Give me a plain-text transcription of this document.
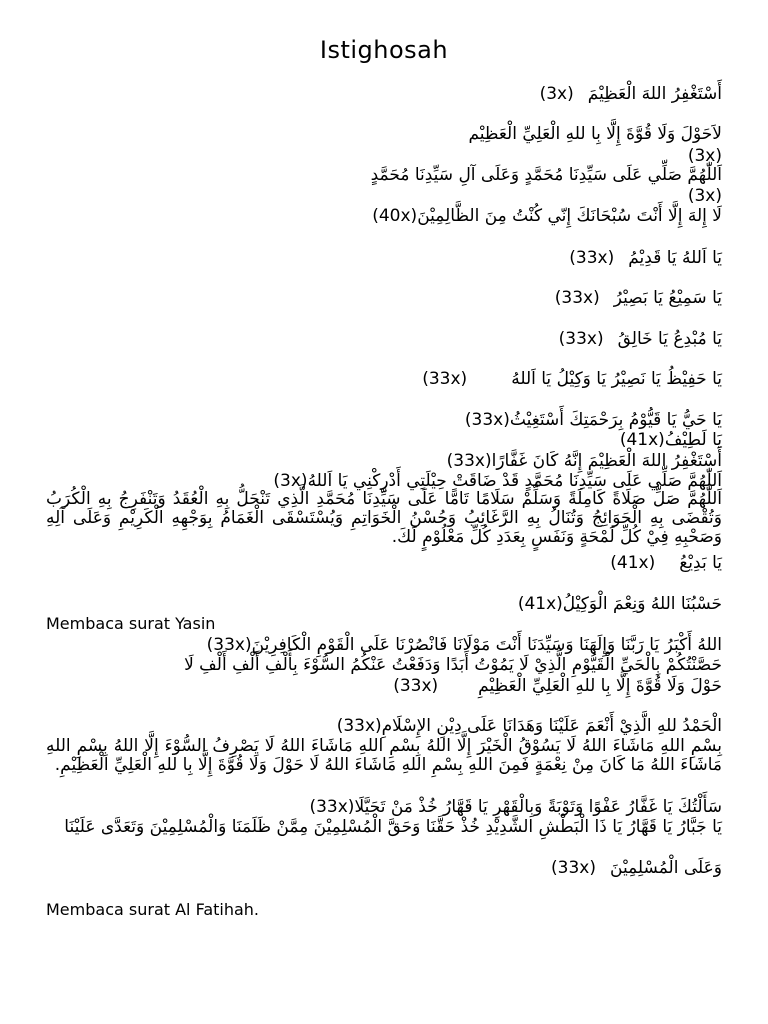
Istighosah
أَسْتَغْفِرُ اللهَ الْعَظِيْمَ(3x)
لاَحَوْلَ وَلَا قُوَّةَ إِلَّا بِا للهِ الْعَلِيِّ الْعَظِيْم
(3x)
اَللّٰهُمَّ صَلِّي عَلَى سَيِّدِنَا مُحَمَّدٍ وَعَلَى آلِ سَيِّدِنَا مُحَمَّدٍ
(3x)
لَا إِلهَ إِلَّا أَنْتَ سُبْحَانَكَ إِنّي كُنْتُ مِنَ الظَّالِمِيْنَ(40x)
يَا اَللهُ يَا قَدِيْمُ(33x)
يَا سَمِيْعُ يَا بَصِيْرُ(33x)
يَا مُبْدِعُ يَا خَالِقُ(33x)
يَا حَفِيْظُ يَا نَصِيْرُ يَا وَكِيْلُ يَا اَللهُ(33x)
يَا حَيُّ يَا قَيُّوْمُ بِرَحْمَتِكَ أَسْتَغِيْثُ(33x)
يَا لَطِيْفُ(41x)
أَسْتَغْفِرُ اللهَ الْعَظِيْمَ إِنَّهُ كَانَ غَفَّارًا(33x)
اَللّٰهُمَّ صَلِّي عَلَى سَيِّدِنَا مُحَمَّدٍ قَدْ ضَاقَتْ حِيْلَتِي أَدْرِكْنِي يَا اَللهُ(3x)
اَللّٰهُمَّ صَلِّ صَلَاةً كَامِلَةً وَسَلِّمْ سَلَامًا تَامًّا عَلَى سَيِّدِنَا مُحَمَّدِ الَّذِي تَنْحَلُّ بِهِ الْعُقَدُ وَتَنْفَرِجُ بِهِ الْكُرَبُ وَتُقْضَى بِهِ الْحَوَائِجُ وَتُنَالُ بِهِ الرَّغَائِبُ وَحُسْنُ الْخَوَاتِمِ وَيُسْتَسْقَى الْغَمَامُ بِوَجْهِهِ الْكَرِيْمِ وَعَلَى آلِهِ وَصَحْبِهِ فِيْ كُلِّ لَمْحَةٍ وَنَفَسٍ بِعَدَدِ كُلِّ مَعْلُوْمٍ لَكَ.
يَا بَدِيْعُ(41x)
حَسْبُنَا اللهُ وَنِعْمَ الْوَكِيْلُ(41x)
Membaca surat Yasin
اللهُ أَكْبَرُ يَا رَبَّنَا وَإِلَهَنَا وَسَيِّدَنَا أَنْتَ مَوْلَانَا فَانْصُرْنَا عَلَى الْقَوْمِ الْكَافِرِيْنَ(33x)
حَصَّنْتُكُمْ بِالْحَيِّ الْقَيُّوْمِ الَّذِيْ لَا يَمُوْتُ أَبَدًا وَدَفَعْتُ عَنْكُمُ السُّوْءَ بِأَلْفِ أَلْفِ أَلْفِ لَا
حَوْلَ وَلَا قُوَّةَ إِلَّا بِا للهِ الْعَلِيِّ الْعَظِيْمِ(33x)
الْحَمْدُ للهِ الَّذِيْ أَنْعَمَ عَلَيْنَا وَهَدَانَا عَلَى دِيْنِ الإِسْلَامِ(33x)
بِسْمِ اللهِ مَاشَاءَ اللهُ لَا يَسُوْقُ الْخَيْرَ إِلَّا اللهُ بِسْمِ اللهِ مَاشَاءَ اللهُ لَا يَصْرِفُ السُّوْءَ إِلَّا اللهُ بِسْمِ اللهِ مَاشَاءَ اللهُ مَا كَانَ مِنْ نِعْمَةٍ فَمِنَ اللهِ بِسْمِ اللهِ مَاشَاءَ اللهُ لَا حَوْلَ وَلَا قُوَّةَ إِلَّا بِا للهِ الْعَلِيِّ الْعَظِيْمِ.
سَأَلْتُكَ يَا غَفَّارُ عَفْوًا وَتَوْبَةً وَبِالْقَهْرِ يَا قَهَّارُ خُذْ مَنْ تَحَيَّلَا(33x)
يَا جَبَّارُ يَا قَهَّارُ يَا ذَا الْبَطْشِ الشَّدِيْدِ خُذْ حَقَّنَا وَحَقَّ الْمُسْلِمِيْنَ مِمَّنْ ظَلَمَنَا وَالْمُسْلِمِيْنَ وَتَعَدَّى عَلَيْنَا
وَعَلَى الْمُسْلِمِيْنَ(33x)
Membaca surat Al Fatihah.
